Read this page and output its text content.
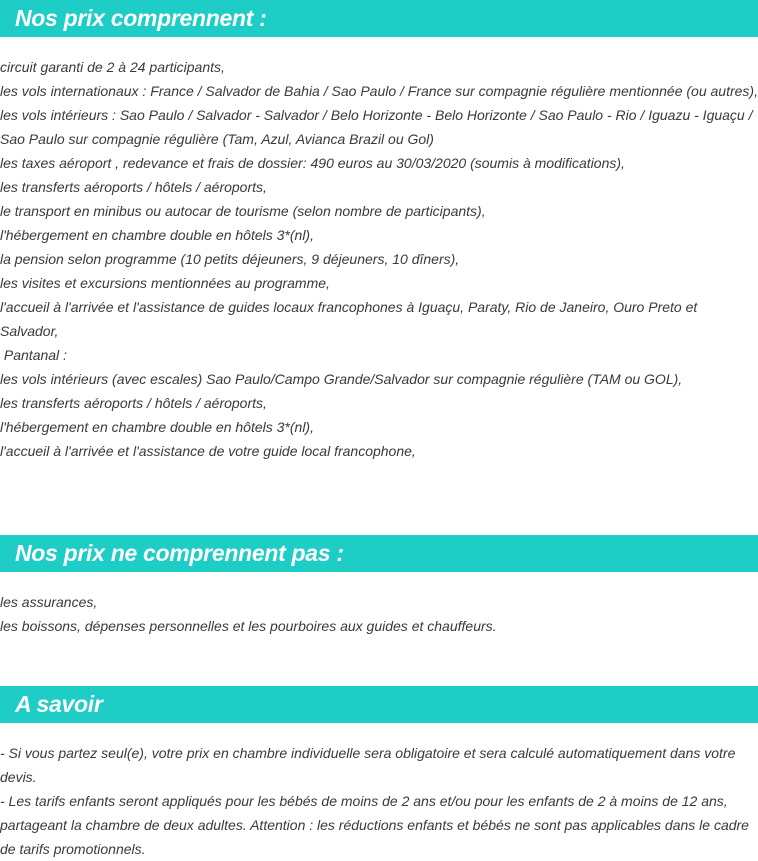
Nos prix comprennent :
circuit garanti de 2 à 24 participants,
les vols internationaux : France / Salvador de Bahia / Sao Paulo / France sur compagnie régulière mentionnée (ou autres),
les vols intérieurs : Sao Paulo / Salvador - Salvador / Belo Horizonte - Belo Horizonte / Sao Paulo - Rio / Iguazu - Iguaçu / Sao Paulo sur compagnie régulière (Tam, Azul, Avianca Brazil ou Gol)
les taxes aéroport , redevance et frais de dossier: 490 euros au 30/03/2020 (soumis à modifications),
les transferts aéroports / hôtels / aéroports,
le transport en minibus ou autocar de tourisme (selon nombre de participants),
l'hébergement en chambre double en hôtels 3*(nl),
la pension selon programme (10 petits déjeuners, 9 déjeuners, 10 dîners),
les visites et excursions mentionnées au programme,
l'accueil à l'arrivée et l'assistance de guides locaux francophones à Iguaçu, Paraty, Rio de Janeiro, Ouro Preto et Salvador,
Pantanal :
les vols intérieurs (avec escales) Sao Paulo/Campo Grande/Salvador sur compagnie régulière (TAM ou GOL),
les transferts aéroports / hôtels / aéroports,
l'hébergement en chambre double en hôtels 3*(nl),
l'accueil à l'arrivée et l'assistance de votre guide local francophone,
Nos prix ne comprennent pas :
les assurances,
les boissons, dépenses personnelles et les pourboires aux guides et chauffeurs.
A savoir
- Si vous partez seul(e), votre prix en chambre individuelle sera obligatoire et sera calculé automatiquement dans votre devis.
- Les tarifs enfants seront appliqués pour les bébés de moins de 2 ans et/ou pour les enfants de 2 à moins de 12 ans, partageant la chambre de deux adultes. Attention : les réductions enfants et bébés ne sont pas applicables dans le cadre de tarifs promotionnels.
